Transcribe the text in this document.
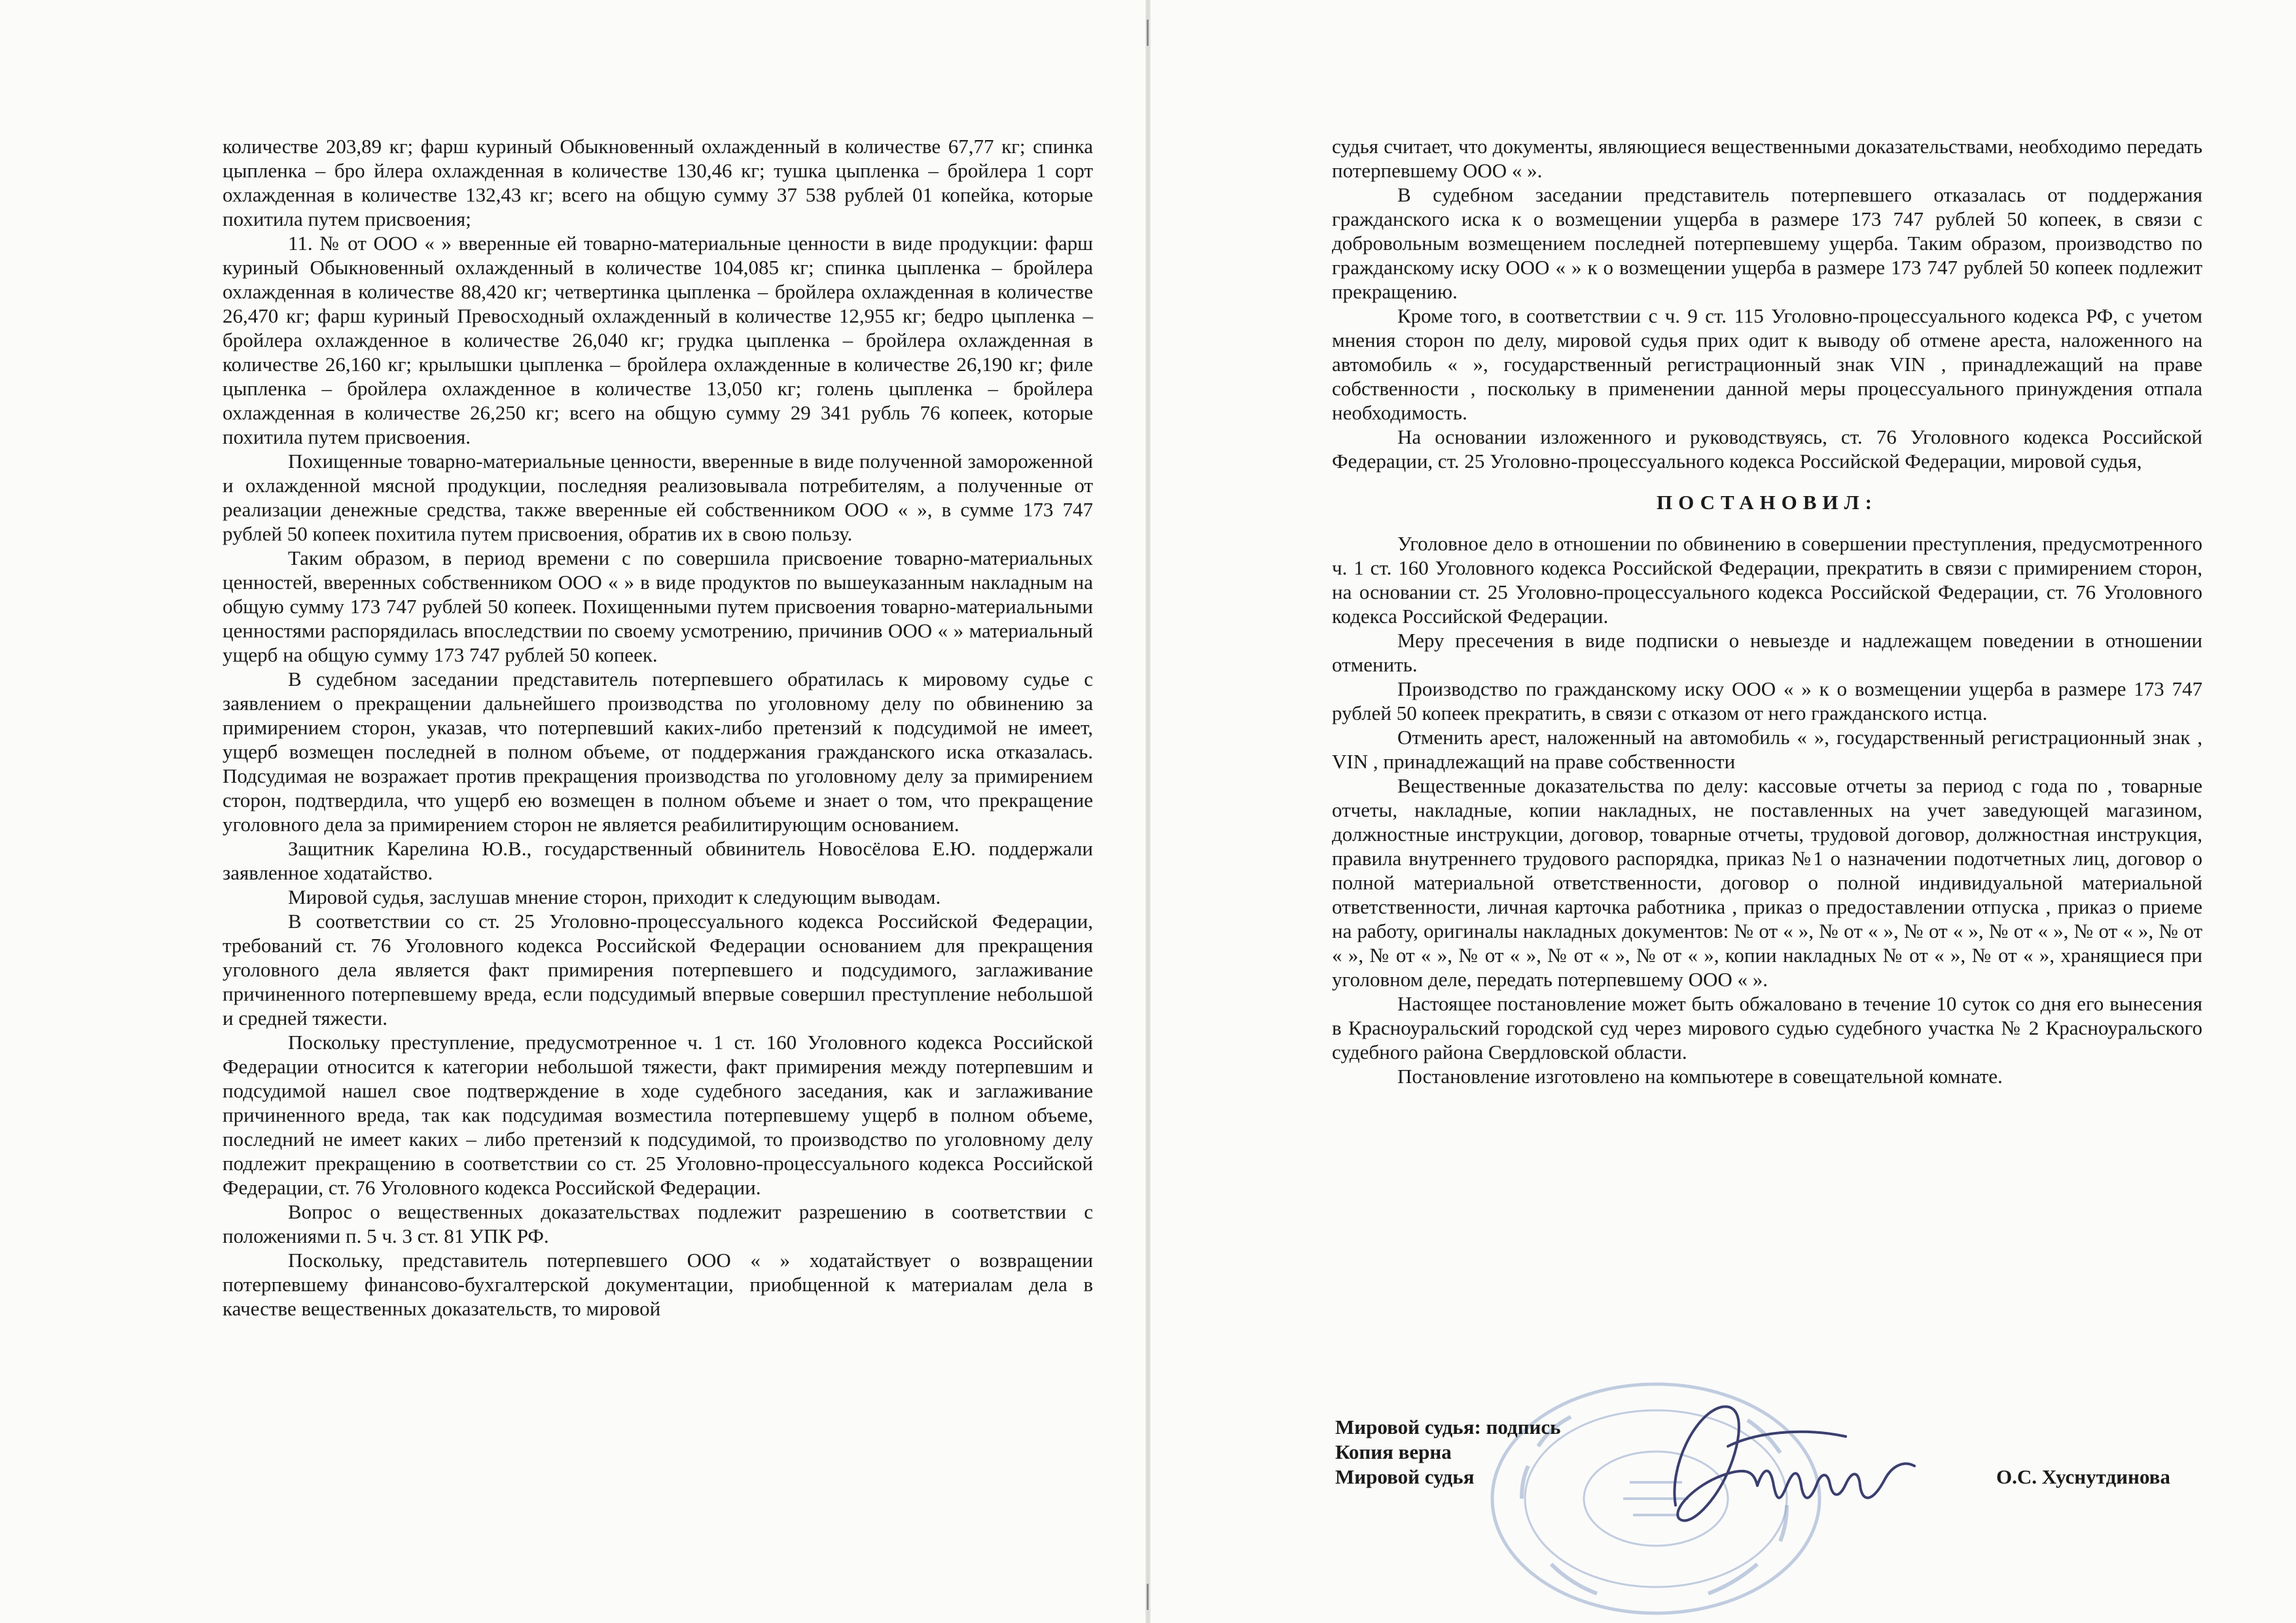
количестве 203,89 кг; фарш куриный Обыкновенный охлажденный в количестве 67,77 кг; спинка цыпленка – бро йлера охлажденная в количестве 130,46 кг; тушка цыпленка – бройлера 1 сорт охлажденная в количестве 132,43 кг; всего на общую сумму 37 538 рублей 01 копейка, которые похитила путем присвоения;

11. № от ООО « » вверенные ей товарно-материальные ценности в виде продукции: фарш куриный Обыкновенный охлажденный в количестве 104,085 кг; спинка цыпленка – бройлера охлажденная в количестве 88,420 кг; четвертинка цыпленка – бройлера охлажденная в количестве 26,470 кг; фарш куриный Превосходный охлажденный в количестве 12,955 кг; бедро цыпленка – бройлера охлажденное в количестве 26,040 кг; грудка цыпленка – бройлера охлажденная в количестве 26,160 кг; крылышки цыпленка – бройлера охлажденные в количестве 26,190 кг; филе цыпленка – бройлера охлажденное в количестве 13,050 кг; голень цыпленка – бройлера охлажденная в количестве 26,250 кг; всего на общую сумму 29 341 рубль 76 копеек, которые похитила путем присвоения.

Похищенные товарно-материальные ценности, вверенные в виде полученной замороженной и охлажденной мясной продукции, последняя реализовывала потребителям, а полученные от реализации денежные средства, также вверенные ей собственником ООО « », в сумме 173 747 рублей 50 копеек похитила путем присвоения, обратив их в свою пользу.

Таким образом, в период времени с по совершила присвоение товарно-материальных ценностей, вверенных собственником ООО « » в виде продуктов по вышеуказанным накладным на общую сумму 173 747 рублей 50 копеек. Похищенными путем присвоения товарно-материальными ценностями распорядилась впоследствии по своему усмотрению, причинив ООО « » материальный ущерб на общую сумму 173 747 рублей 50 копеек.

В судебном заседании представитель потерпевшего обратилась к мировому судье с заявлением о прекращении дальнейшего производства по уголовному делу по обвинению за примирением сторон, указав, что потерпевший каких-либо претензий к подсудимой не имеет, ущерб возмещен последней в полном объеме, от поддержания гражданского иска отказалась. Подсудимая не возражает против прекращения производства по уголовному делу за примирением сторон, подтвердила, что ущерб ею возмещен в полном объеме и знает о том, что прекращение уголовного дела за примирением сторон не является реабилитирующим основанием.

Защитник Карелина Ю.В., государственный обвинитель Новосёлова Е.Ю. поддержали заявленное ходатайство.

Мировой судья, заслушав мнение сторон, приходит к следующим выводам.

В соответствии со ст. 25 Уголовно-процессуального кодекса Российской Федерации, требований ст. 76 Уголовного кодекса Российской Федерации основанием для прекращения уголовного дела является факт примирения потерпевшего и подсудимого, заглаживание причиненного потерпевшему вреда, если подсудимый впервые совершил преступление небольшой и средней тяжести.

Поскольку преступление, предусмотренное ч. 1 ст. 160 Уголовного кодекса Российской Федерации относится к категории небольшой тяжести, факт примирения между потерпевшим и подсудимой нашел свое подтверждение в ходе судебного заседания, как и заглаживание причиненного вреда, так как подсудимая возместила потерпевшему ущерб в полном объеме, последний не имеет каких – либо претензий к подсудимой, то производство по уголовному делу подлежит прекращению в соответствии со ст. 25 Уголовно-процессуального кодекса Российской Федерации, ст. 76 Уголовного кодекса Российской Федерации.

Вопрос о вещественных доказательствах подлежит разрешению в соответствии с положениями п. 5 ч. 3 ст. 81 УПК РФ.

Поскольку, представитель потерпевшего ООО « » ходатайствует о возвращении потерпевшему финансово-бухгалтерской документации, приобщенной к материалам дела в качестве вещественных доказательств, то мировой

судья считает, что документы, являющиеся вещественными доказательствами, необходимо передать потерпевшему ООО « ».

В судебном заседании представитель потерпевшего отказалась от поддержания гражданского иска к о возмещении ущерба в размере 173 747 рублей 50 копеек, в связи с добровольным возмещением последней потерпевшему ущерба. Таким образом, производство по гражданскому иску ООО « » к о возмещении ущерба в размере 173 747 рублей 50 копеек подлежит прекращению.

Кроме того, в соответствии с ч. 9 ст. 115 Уголовно-процессуального кодекса РФ, с учетом мнения сторон по делу, мировой судья прих одит к выводу об отмене ареста, наложенного на автомобиль « », государственный регистрационный знак VIN , принадлежащий на праве собственности , поскольку в применении данной меры процессуального принуждения отпала необходимость.

На основании изложенного и руководствуясь, ст. 76 Уголовного кодекса Российской Федерации, ст. 25 Уголовно-процессуального кодекса Российской Федерации, мировой судья,

ПОСТАНОВИЛ:

Уголовное дело в отношении по обвинению в совершении преступления, предусмотренного ч. 1 ст. 160 Уголовного кодекса Российской Федерации, прекратить в связи с примирением сторон, на основании ст. 25 Уголовно-процессуального кодекса Российской Федерации, ст. 76 Уголовного кодекса Российской Федерации.

Меру пресечения в виде подписки о невыезде и надлежащем поведении в отношении отменить.

Производство по гражданскому иску ООО « » к о возмещении ущерба в размере 173 747 рублей 50 копеек прекратить, в связи с отказом от него гражданского истца.

Отменить арест, наложенный на автомобиль « », государственный регистрационный знак , VIN , принадлежащий на праве собственности

Вещественные доказательства по делу: кассовые отчеты за период с года по , товарные отчеты, накладные, копии накладных, не поставленных на учет заведующей магазином, должностные инструкции, договор, товарные отчеты, трудовой договор, должностная инструкция, правила внутреннего трудового распорядка, приказ №1 о назначении подотчетных лиц, договор о полной материальной ответственности, договор о полной индивидуальной материальной ответственности, личная карточка работника , приказ о предоставлении отпуска , приказ о приеме на работу, оригиналы накладных документов: № от « », № от « », № от « », № от « », № от « », № от « », № от « », № от « », № от « », № от « », копии накладных № от « », № от « », хранящиеся при уголовном деле, передать потерпевшему ООО « ».

Настоящее постановление может быть обжаловано в течение 10 суток со дня его вынесения в Красноуральский городской суд через мирового судью судебного участка № 2 Красноуральского судебного района Свердловской области.

Постановление изготовлено на компьютере в совещательной комнате.

Мировой судья: подпись
Копия верна
Мировой судья	О.С. Хуснутдинова
